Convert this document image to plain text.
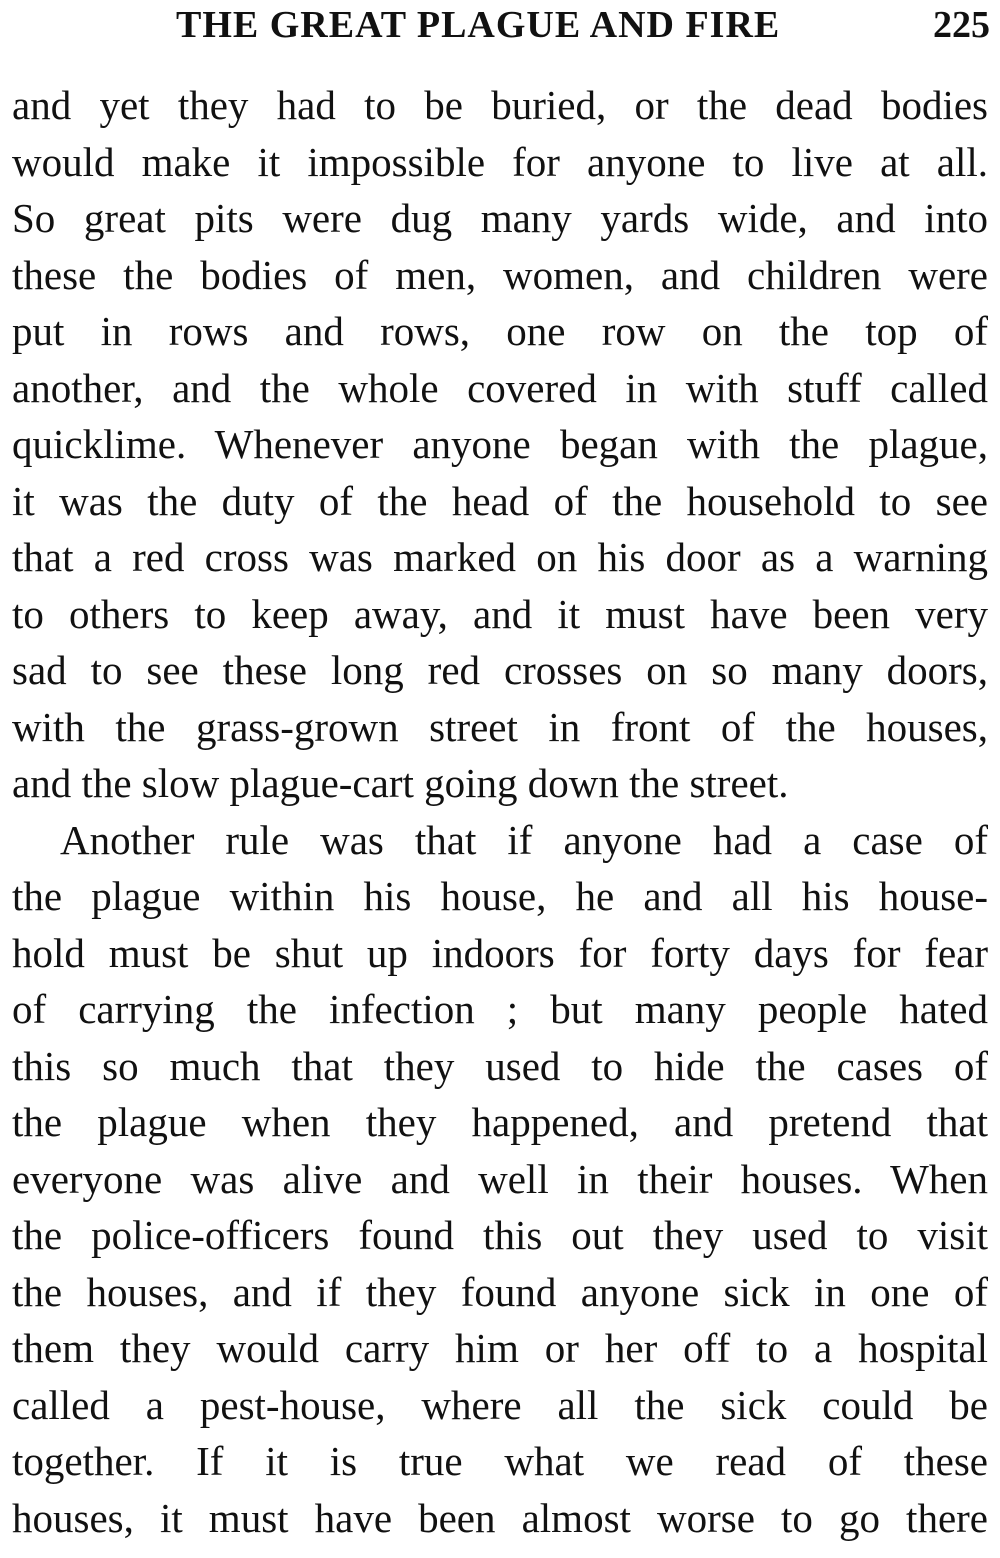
THE GREAT PLAGUE AND FIRE	225
and yet they had to be buried, or the dead bodies
would make it impossible for anyone to live at all.
So great pits were dug many yards wide, and into
these the bodies of men, women, and children were
put in rows and rows, one row on the top of
another, and the whole covered in with stuff called
quicklime. Whenever anyone began with the plague,
it was the duty of the head of the household to see
that a red cross was marked on his door as a warning
to others to keep away, and it must have been very
sad to see these long red crosses on so many doors,
with the grass-grown street in front of the houses,
and the slow plague-cart going down the street.
Another rule was that if anyone had a case of
the plague within his house, he and all his house-
hold must be shut up indoors for forty days for fear
of carrying the infection ; but many people hated
this so much that they used to hide the cases of
the plague when they happened, and pretend that
everyone was alive and well in their houses. When
the police-officers found this out they used to visit
the houses, and if they found anyone sick in one of
them they would carry him or her off to a hospital
called a pest-house, where all the sick could be
together. If it is true what we read of these
houses, it must have been almost worse to go there
